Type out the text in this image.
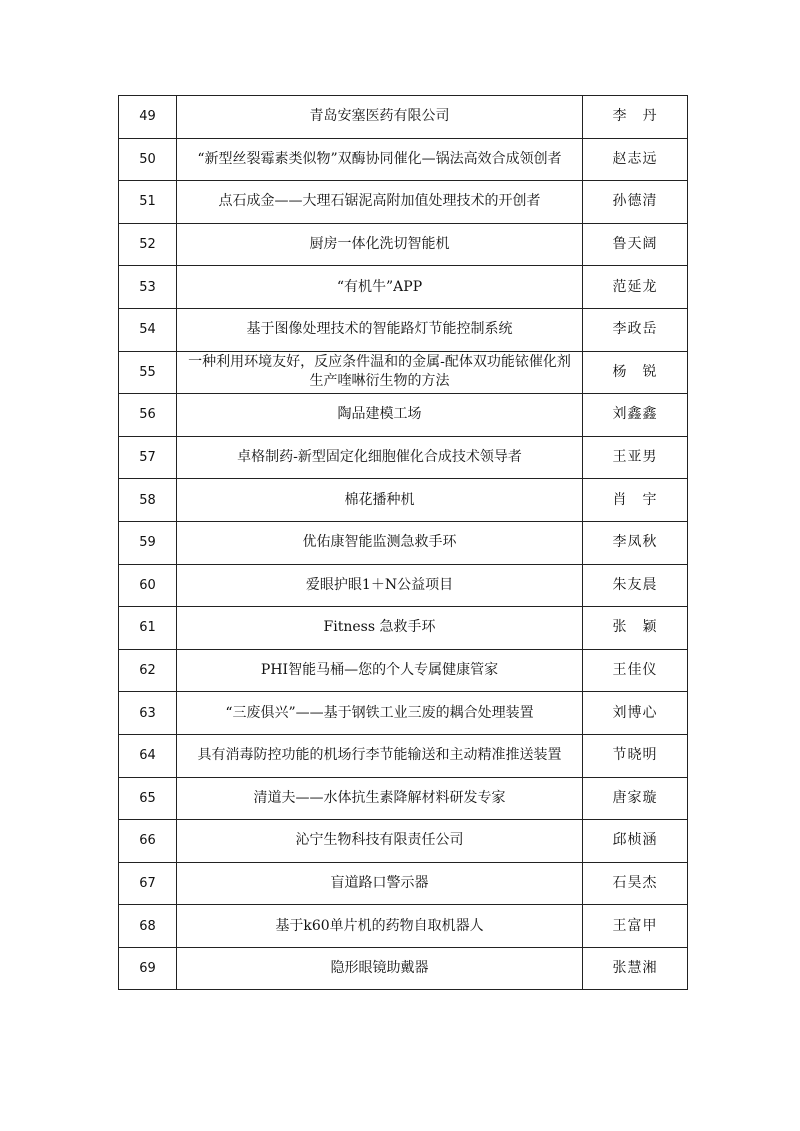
49	青岛安塞医药有限公司	李　丹
50	“新型丝裂霉素类似物”双酶协同催化—锅法高效合成领创者	赵志远
51	点石成金——大理石锯泥高附加值处理技术的开创者	孙德清
52	厨房一体化洗切智能机	鲁天阔
53	“有机牛”APP	范延龙
54	基于图像处理技术的智能路灯节能控制系统	李政岳
55	一种利用环境友好，反应条件温和的金属-配体双功能铱催化剂生产喹啉衍生物的方法	杨　锐
56	陶品建模工场	刘鑫鑫
57	卓格制药-新型固定化细胞催化合成技术领导者	王亚男
58	棉花播种机	肖　宇
59	优佑康智能监测急救手环	李凤秋
60	爱眼护眼1＋N公益项目	朱友晨
61	Fitness 急救手环	张　颖
62	PHI智能马桶—您的个人专属健康管家	王佳仪
63	“三废俱兴”——基于钢铁工业三废的耦合处理装置	刘博心
64	具有消毒防控功能的机场行李节能输送和主动精准推送装置	节晓明
65	清道夫——水体抗生素降解材料研发专家	唐家璇
66	沁宁生物科技有限责任公司	邱桢涵
67	盲道路口警示器	石昊杰
68	基于k60单片机的药物自取机器人	王富甲
69	隐形眼镜助戴器	张慧湘
